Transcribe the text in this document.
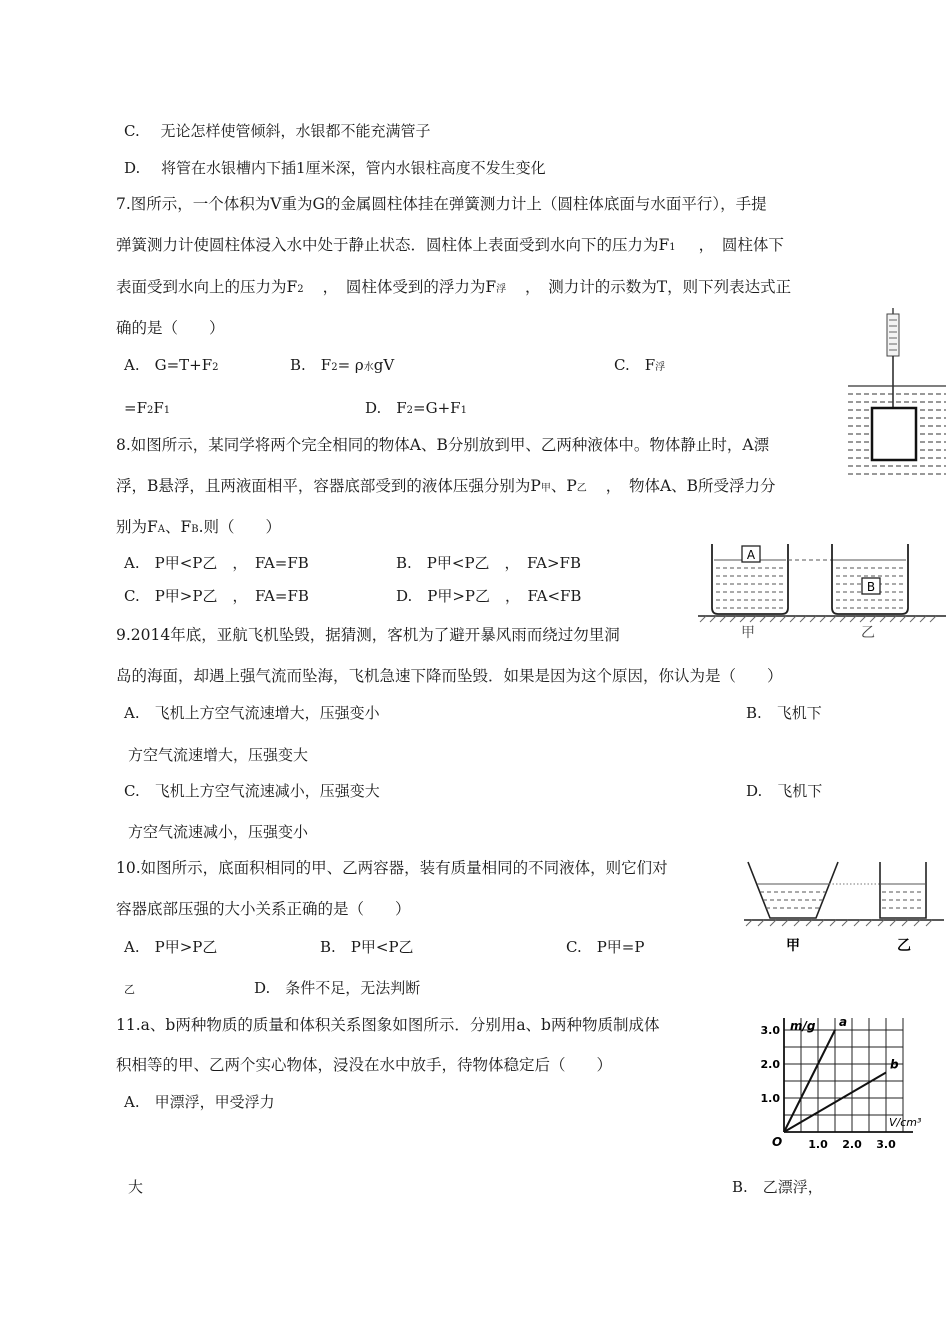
C. 无论怎样使管倾斜，水银都不能充满管子
D. 将管在水银槽内下插1厘米深，管内水银柱高度不发生变化
7.图所示，一个体积为V重为G的金属圆柱体挂在弹簧测力计上（圆柱体底面与水面平行），手提
弹簧测力计使圆柱体浸入水中处于静止状态．圆柱体上表面受到水向下的压力为F1 ，　圆柱体下
表面受到水向上的压力为F2 ，　圆柱体受到的浮力为F浮 ，　测力计的示数为T，则下列表达式正
确的是（　　）
A.　G=T+F2	B.　F2= ρ水gV	C.　F浮
=F2F1	D.　F2=G+F1
8.如图所示，某同学将两个完全相同的物体A、B分别放到甲、乙两种液体中。物体静止时，A漂
浮，B悬浮，且两液面相平，容器底部受到的液体压强分别为P甲、P乙 ，　物体A、B所受浮力分
别为FA、FB.则（　　）
A.　P甲<P乙　，　FA=FB	B.　P甲<P乙　，　FA>FB
C.　P甲>P乙　，　FA=FB	D.　P甲>P乙　，　FA<FB
A
B
甲	乙
9.2014年底，亚航飞机坠毁，据猜测，客机为了避开暴风雨而绕过勿里洞
岛的海面，却遇上强气流而坠海，飞机急速下降而坠毁．如果是因为这个原因，你认为是（　　）
A.　飞机上方空气流速增大，压强变小	B.　飞机下
方空气流速增大，压强变大
C.　飞机上方空气流速减小，压强变大	D.　飞机下
方空气流速减小，压强变小
10.如图所示，底面积相同的甲、乙两容器，装有质量相同的不同液体，则它们对
容器底部压强的大小关系正确的是（　　）
A.　P甲>P乙	B.　P甲<P乙	C.　P甲=P
乙	D.　条件不足，无法判断
甲	乙
11.a、b两种物质的质量和体积关系图象如图所示．分别用a、b两种物质制成体
积相等的甲、乙两个实心物体，浸没在水中放手，待物体稳定后（　　）
A.　甲漂浮，甲受浮力
大	B.　乙漂浮，
a
b
1.0 2.0 3.0
1.0
2.0
3.0
O
m/g
V/cm³
